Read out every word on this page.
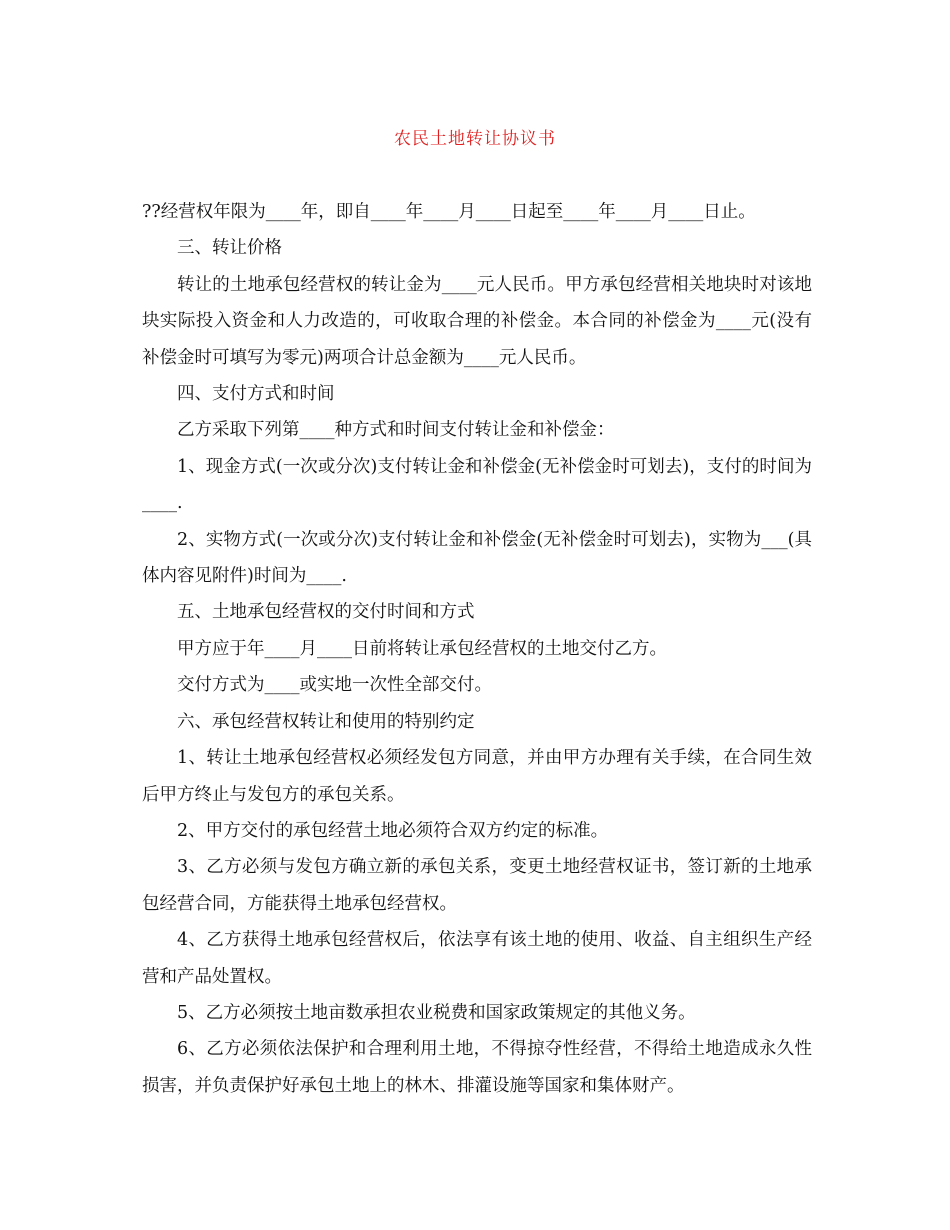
农民土地转让协议书

??经营权年限为____年，即自____年____月____日起至____年____月____日止。

三、转让价格

转让的土地承包经营权的转让金为____元人民币。甲方承包经营相关地块时对该地块实际投入资金和人力改造的，可收取合理的补偿金。本合同的补偿金为____元(没有补偿金时可填写为零元)两项合计总金额为____元人民币。

四、支付方式和时间

乙方采取下列第____种方式和时间支付转让金和补偿金：

1、现金方式(一次或分次)支付转让金和补偿金(无补偿金时可划去)，支付的时间为____.

2、实物方式(一次或分次)支付转让金和补偿金(无补偿金时可划去)，实物为___(具体内容见附件)时间为____.

五、土地承包经营权的交付时间和方式

甲方应于年____月____日前将转让承包经营权的土地交付乙方。

交付方式为____或实地一次性全部交付。

六、承包经营权转让和使用的特别约定

1、转让土地承包经营权必须经发包方同意，并由甲方办理有关手续，在合同生效后甲方终止与发包方的承包关系。

2、甲方交付的承包经营土地必须符合双方约定的标准。

3、乙方必须与发包方确立新的承包关系，变更土地经营权证书，签订新的土地承包经营合同，方能获得土地承包经营权。

4、乙方获得土地承包经营权后，依法享有该土地的使用、收益、自主组织生产经营和产品处置权。

5、乙方必须按土地亩数承担农业税费和国家政策规定的其他义务。

6、乙方必须依法保护和合理利用土地，不得掠夺性经营，不得给土地造成永久性损害，并负责保护好承包土地上的林木、排灌设施等国家和集体财产。
